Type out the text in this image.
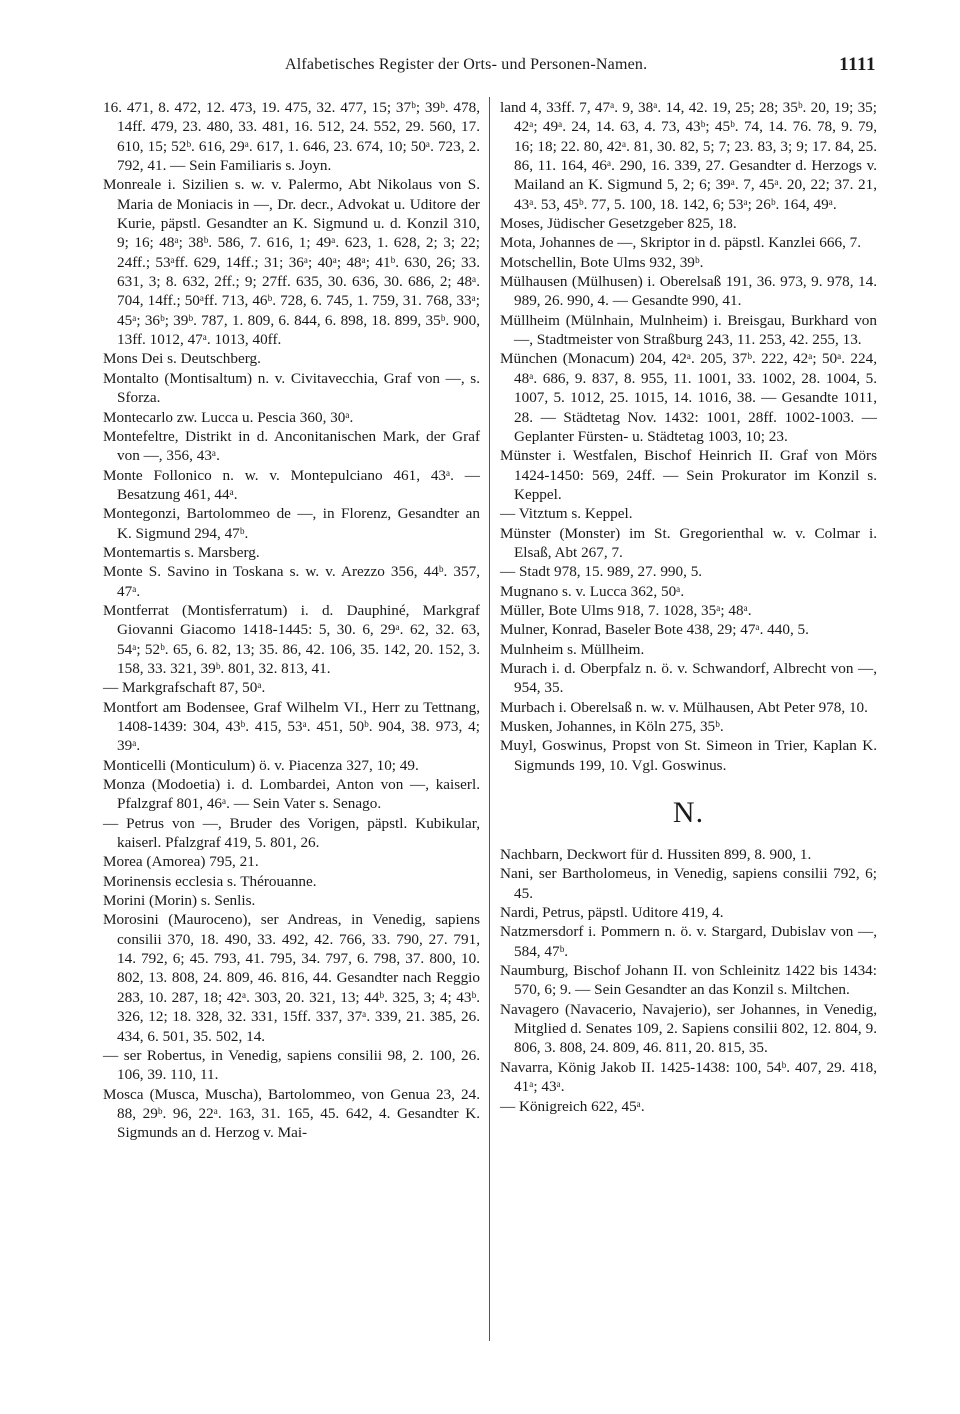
Alfabetisches Register der Orts- und Personen-Namen.	1111

16. 471, 8. 472, 12. 473, 19. 475, 32. 477, 15; 37ᵇ; 39ᵇ. 478, 14ff. 479, 23. 480, 33. 481, 16. 512, 24. 552, 29. 560, 17. 610, 15; 52ᵇ. 616, 29ᵃ. 617, 1. 646, 23. 674, 10; 50ᵃ. 723, 2. 792, 41. — Sein Familiaris s. Joyn.

Monreale i. Sizilien s. w. v. Palermo, Abt Nikolaus von S. Maria de Moniacis in —, Dr. decr., Advokat u. Uditore der Kurie, päpstl. Gesandter an K. Sigmund u. d. Konzil 310, 9; 16; 48ᵃ; 38ᵇ. 586, 7. 616, 1; 49ᵃ. 623, 1. 628, 2; 3; 22; 24ff.; 53ᵃff. 629, 14ff.; 31; 36ᵃ; 40ᵃ; 48ᵃ; 41ᵇ. 630, 26; 33. 631, 3; 8. 632, 2ff.; 9; 27ff. 635, 30. 636, 30. 686, 2; 48ᵃ. 704, 14ff.; 50ᵃff. 713, 46ᵇ. 728, 6. 745, 1. 759, 31. 768, 33ᵃ; 45ᵃ; 36ᵇ; 39ᵇ. 787, 1. 809, 6. 844, 6. 898, 18. 899, 35ᵇ. 900, 13ff. 1012, 47ᵃ. 1013, 40ff.

Mons Dei s. Deutschberg.

Montalto (Montisaltum) n. v. Civitavecchia, Graf von —, s. Sforza.

Montecarlo zw. Lucca u. Pescia 360, 30ᵃ.

Montefeltre, Distrikt in d. Anconitanischen Mark, der Graf von —, 356, 43ᵃ.

Monte Follonico n. w. v. Montepulciano 461, 43ᵃ. — Besatzung 461, 44ᵃ.

Montegonzi, Bartolommeo de —, in Florenz, Gesandter an K. Sigmund 294, 47ᵇ.

Montemartis s. Marsberg.

Monte S. Savino in Toskana s. w. v. Arezzo 356, 44ᵇ. 357, 47ᵃ.

Montferrat (Montisferratum) i. d. Dauphiné, Markgraf Giovanni Giacomo 1418-1445: 5, 30. 6, 29ᵃ. 62, 32. 63, 54ᵃ; 52ᵇ. 65, 6. 82, 13; 35. 86, 42. 106, 35. 142, 20. 152, 3. 158, 33. 321, 39ᵇ. 801, 32. 813, 41.

— Markgrafschaft 87, 50ᵃ.

Montfort am Bodensee, Graf Wilhelm VI., Herr zu Tettnang, 1408-1439: 304, 43ᵇ. 415, 53ᵃ. 451, 50ᵇ. 904, 38. 973, 4; 39ᵃ.

Monticelli (Monticulum) ö. v. Piacenza 327, 10; 49.

Monza (Modoetia) i. d. Lombardei, Anton von —, kaiserl. Pfalzgraf 801, 46ᵃ. — Sein Vater s. Senago.

— Petrus von —, Bruder des Vorigen, päpstl. Kubikular, kaiserl. Pfalzgraf 419, 5. 801, 26.

Morea (Amorea) 795, 21.

Morinensis ecclesia s. Thérouanne.

Morini (Morin) s. Senlis.

Morosini (Mauroceno), ser Andreas, in Venedig, sapiens consilii 370, 18. 490, 33. 492, 42. 766, 33. 790, 27. 791, 14. 792, 6; 45. 793, 41. 795, 34. 797, 6. 798, 37. 800, 10. 802, 13. 808, 24. 809, 46. 816, 44. Gesandter nach Reggio 283, 10. 287, 18; 42ᵃ. 303, 20. 321, 13; 44ᵇ. 325, 3; 4; 43ᵇ. 326, 12; 18. 328, 32. 331, 15ff. 337, 37ᵃ. 339, 21. 385, 26. 434, 6. 501, 35. 502, 14.

— ser Robertus, in Venedig, sapiens consilii 98, 2. 100, 26. 106, 39. 110, 11.

Mosca (Musca, Muscha), Bartolommeo, von Genua 23, 24. 88, 29ᵇ. 96, 22ᵃ. 163, 31. 165, 45. 642, 4. Gesandter K. Sigmunds an d. Herzog v. Mai-

land 4, 33ff. 7, 47ᵃ. 9, 38ᵃ. 14, 42. 19, 25; 28; 35ᵇ. 20, 19; 35; 42ᵃ; 49ᵃ. 24, 14. 63, 4. 73, 43ᵇ; 45ᵇ. 74, 14. 76. 78, 9. 79, 16; 18; 22. 80, 42ᵃ. 81, 30. 82, 5; 7; 23. 83, 3; 9; 17. 84, 25. 86, 11. 164, 46ᵃ. 290, 16. 339, 27. Gesandter d. Herzogs v. Mailand an K. Sigmund 5, 2; 6; 39ᵃ. 7, 45ᵃ. 20, 22; 37. 21, 43ᵃ. 53, 45ᵇ. 77, 5. 100, 18. 142, 6; 53ᵃ; 26ᵇ. 164, 49ᵃ.

Moses, Jüdischer Gesetzgeber 825, 18.

Mota, Johannes de —, Skriptor in d. päpstl. Kanzlei 666, 7.

Motschellin, Bote Ulms 932, 39ᵇ.

Mülhausen (Mülhusen) i. Oberelsaß 191, 36. 973, 9. 978, 14. 989, 26. 990, 4. — Gesandte 990, 41.

Müllheim (Mülnhain, Mulnheim) i. Breisgau, Burkhard von —, Stadtmeister von Straßburg 243, 11. 253, 42. 255, 13.

München (Monacum) 204, 42ᵃ. 205, 37ᵇ. 222, 42ᵃ; 50ᵃ. 224, 48ᵃ. 686, 9. 837, 8. 955, 11. 1001, 33. 1002, 28. 1004, 5. 1007, 5. 1012, 25. 1015, 14. 1016, 38. — Gesandte 1011, 28. — Städtetag Nov. 1432: 1001, 28ff. 1002-1003. — Geplanter Fürsten- u. Städtetag 1003, 10; 23.

Münster i. Westfalen, Bischof Heinrich II. Graf von Mörs 1424-1450: 569, 24ff. — Sein Prokurator im Konzil s. Keppel.

— Vitztum s. Keppel.

Münster (Monster) im St. Gregorienthal w. v. Colmar i. Elsaß, Abt 267, 7.

— Stadt 978, 15. 989, 27. 990, 5.

Mugnano s. v. Lucca 362, 50ᵃ.

Müller, Bote Ulms 918, 7. 1028, 35ᵃ; 48ᵃ.

Mulner, Konrad, Baseler Bote 438, 29; 47ᵃ. 440, 5.

Mulnheim s. Müllheim.

Murach i. d. Oberpfalz n. ö. v. Schwandorf, Albrecht von —, 954, 35.

Murbach i. Oberelsaß n. w. v. Mülhausen, Abt Peter 978, 10.

Musken, Johannes, in Köln 275, 35ᵇ.

Muyl, Goswinus, Propst von St. Simeon in Trier, Kaplan K. Sigmunds 199, 10. Vgl. Goswinus.

N.

Nachbarn, Deckwort für d. Hussiten 899, 8. 900, 1.

Nani, ser Bartholomeus, in Venedig, sapiens consilii 792, 6; 45.

Nardi, Petrus, päpstl. Uditore 419, 4.

Natzmersdorf i. Pommern n. ö. v. Stargard, Dubislav von —, 584, 47ᵇ.

Naumburg, Bischof Johann II. von Schleinitz 1422 bis 1434: 570, 6; 9. — Sein Gesandter an das Konzil s. Miltchen.

Navagero (Navacerio, Navajerio), ser Johannes, in Venedig, Mitglied d. Senates 109, 2. Sapiens consilii 802, 12. 804, 9. 806, 3. 808, 24. 809, 46. 811, 20. 815, 35.

Navarra, König Jakob II. 1425-1438: 100, 54ᵇ. 407, 29. 418, 41ᵃ; 43ᵃ.

— Königreich 622, 45ᵃ.
